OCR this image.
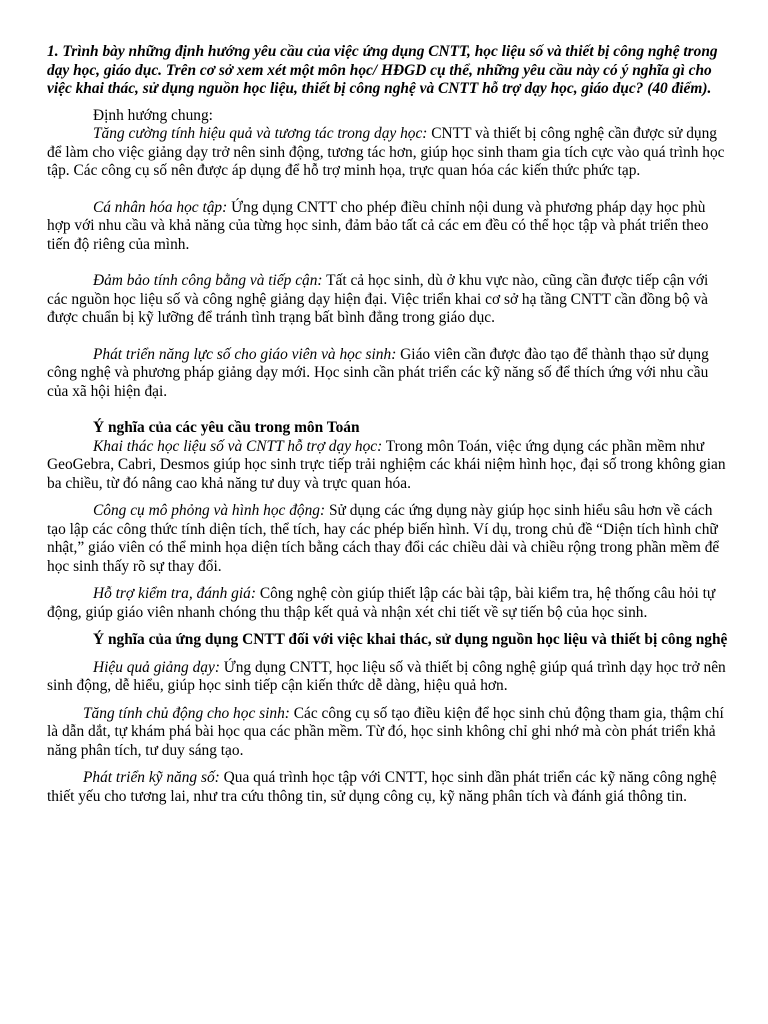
1. Trình bày những định hướng yêu cầu của việc ứng dụng CNTT, học liệu số và thiết bị công nghệ trong dạy học, giáo dục. Trên cơ sở xem xét một môn học/ HĐGD cụ thể, những yêu cầu này có ý nghĩa gì cho việc khai thác, sử dụng nguồn học liệu, thiết bị công nghệ và CNTT hỗ trợ dạy học, giáo dục? (40 điểm).

Định hướng chung:

Tăng cường tính hiệu quả và tương tác trong dạy học: CNTT và thiết bị công nghệ cần được sử dụng để làm cho việc giảng dạy trở nên sinh động, tương tác hơn, giúp học sinh tham gia tích cực vào quá trình học tập. Các công cụ số nên được áp dụng để hỗ trợ minh họa, trực quan hóa các kiến thức phức tạp.

Cá nhân hóa học tập: Ứng dụng CNTT cho phép điều chỉnh nội dung và phương pháp dạy học phù hợp với nhu cầu và khả năng của từng học sinh, đảm bảo tất cả các em đều có thể học tập và phát triển theo tiến độ riêng của mình.

Đảm bảo tính công bằng và tiếp cận: Tất cả học sinh, dù ở khu vực nào, cũng cần được tiếp cận với các nguồn học liệu số và công nghệ giảng dạy hiện đại. Việc triển khai cơ sở hạ tầng CNTT cần đồng bộ và được chuẩn bị kỹ lưỡng để tránh tình trạng bất bình đẳng trong giáo dục.

Phát triển năng lực số cho giáo viên và học sinh: Giáo viên cần được đào tạo để thành thạo sử dụng công nghệ và phương pháp giảng dạy mới. Học sinh cần phát triển các kỹ năng số để thích ứng với nhu cầu của xã hội hiện đại.

Ý nghĩa của các yêu cầu trong môn Toán

Khai thác học liệu số và CNTT hỗ trợ dạy học: Trong môn Toán, việc ứng dụng các phần mềm như GeoGebra, Cabri, Desmos giúp học sinh trực tiếp trải nghiệm các khái niệm hình học, đại số trong không gian ba chiều, từ đó nâng cao khả năng tư duy và trực quan hóa.

Công cụ mô phỏng và hình học động: Sử dụng các ứng dụng này giúp học sinh hiểu sâu hơn về cách tạo lập các công thức tính diện tích, thể tích, hay các phép biến hình. Ví dụ, trong chủ đề “Diện tích hình chữ nhật,” giáo viên có thể minh họa diện tích bằng cách thay đổi các chiều dài và chiều rộng trong phần mềm để học sinh thấy rõ sự thay đổi.

Hỗ trợ kiểm tra, đánh giá: Công nghệ còn giúp thiết lập các bài tập, bài kiểm tra, hệ thống câu hỏi tự động, giúp giáo viên nhanh chóng thu thập kết quả và nhận xét chi tiết về sự tiến bộ của học sinh.

Ý nghĩa của ứng dụng CNTT đối với việc khai thác, sử dụng nguồn học liệu và thiết bị công nghệ

Hiệu quả giảng dạy: Ứng dụng CNTT, học liệu số và thiết bị công nghệ giúp quá trình dạy học trở nên sinh động, dễ hiểu, giúp học sinh tiếp cận kiến thức dễ dàng, hiệu quả hơn.

Tăng tính chủ động cho học sinh: Các công cụ số tạo điều kiện để học sinh chủ động tham gia, thậm chí là dẫn dắt, tự khám phá bài học qua các phần mềm. Từ đó, học sinh không chỉ ghi nhớ mà còn phát triển khả năng phân tích, tư duy sáng tạo.

Phát triển kỹ năng số: Qua quá trình học tập với CNTT, học sinh dần phát triển các kỹ năng công nghệ thiết yếu cho tương lai, như tra cứu thông tin, sử dụng công cụ, kỹ năng phân tích và đánh giá thông tin.
